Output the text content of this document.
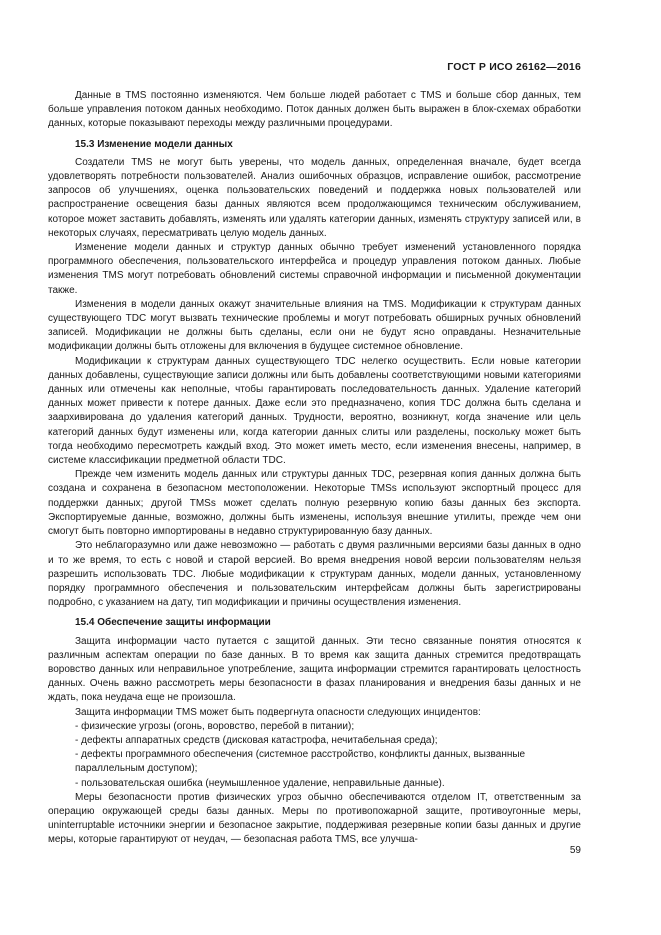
ГОСТ Р ИСО 26162—2016

Данные в TMS постоянно изменяются. Чем больше людей работает с TMS и больше сбор данных, тем больше управления потоком данных необходимо. Поток данных должен быть выражен в блок-схемах обработки данных, которые показывают переходы между различными процедурами.

15.3 Изменение модели данных

Создатели TMS не могут быть уверены, что модель данных, определенная вначале, будет всегда удовлетворять потребности пользователей. Анализ ошибочных образцов, исправление ошибок, рассмотрение запросов об улучшениях, оценка пользовательских поведений и поддержка новых пользователей или распространение освещения базы данных являются всем продолжающимся техническим обслуживанием, которое может заставить добавлять, изменять или удалять категории данных, изменять структуру записей или, в некоторых случаях, пересматривать целую модель данных.

Изменение модели данных и структур данных обычно требует изменений установленного порядка программного обеспечения, пользовательского интерфейса и процедур управления потоком данных. Любые изменения TMS могут потребовать обновлений системы справочной информации и письменной документации также.

Изменения в модели данных окажут значительные влияния на TMS. Модификации к структурам данных существующего TDC могут вызвать технические проблемы и могут потребовать обширных ручных обновлений записей. Модификации не должны быть сделаны, если они не будут ясно оправданы. Незначительные модификации должны быть отложены для включения в будущее системное обновление.

Модификации к структурам данных существующего TDC нелегко осуществить. Если новые категории данных добавлены, существующие записи должны или быть добавлены соответствующими новыми категориями данных или отмечены как неполные, чтобы гарантировать последовательность данных. Удаление категорий данных может привести к потере данных. Даже если это предназначено, копия TDC должна быть сделана и заархивирована до удаления категорий данных. Трудности, вероятно, возникнут, когда значение или цель категорий данных будут изменены или, когда категории данных слиты или разделены, поскольку может быть тогда необходимо пересмотреть каждый вход. Это может иметь место, если изменения внесены, например, в системе классификации предметной области TDC.

Прежде чем изменить модель данных или структуры данных TDC, резервная копия данных должна быть создана и сохранена в безопасном местоположении. Некоторые TMSs используют экспортный процесс для поддержки данных; другой TMSs может сделать полную резервную копию базы данных без экспорта. Экспортируемые данные, возможно, должны быть изменены, используя внешние утилиты, прежде чем они смогут быть повторно импортированы в недавно структурированную базу данных.

Это неблагоразумно или даже невозможно — работать с двумя различными версиями базы данных в одно и то же время, то есть с новой и старой версией. Во время внедрения новой версии пользователям нельзя разрешить использовать TDC. Любые модификации к структурам данных, модели данных, установленному порядку программного обеспечения и пользовательским интерфейсам должны быть зарегистрированы подробно, с указанием на дату, тип модификации и причины осуществления изменения.

15.4 Обеспечение защиты информации

Защита информации часто путается с защитой данных. Эти тесно связанные понятия относятся к различным аспектам операции по базе данных. В то время как защита данных стремится предотвращать воровство данных или неправильное употребление, защита информации стремится гарантировать целостность данных. Очень важно рассмотреть меры безопасности в фазах планирования и внедрения базы данных и не ждать, пока неудача еще не произошла.

Защита информации TMS может быть подвергнута опасности следующих инцидентов:

- физические угрозы (огонь, воровство, перебой в питании);

- дефекты аппаратных средств (дисковая катастрофа, нечитабельная среда);

- дефекты программного обеспечения (системное расстройство, конфликты данных, вызванные параллельным доступом);

- пользовательская ошибка (неумышленное удаление, неправильные данные).

Меры безопасности против физических угроз обычно обеспечиваются отделом IT, ответственным за операцию окружающей среды базы данных. Меры по противопожарной защите, противоугонные меры, uninterruptable источники энергии и безопасное закрытие, поддерживая резервные копии базы данных и другие меры, которые гарантируют от неудач, — безопасная работа TMS, все улучша-

59
